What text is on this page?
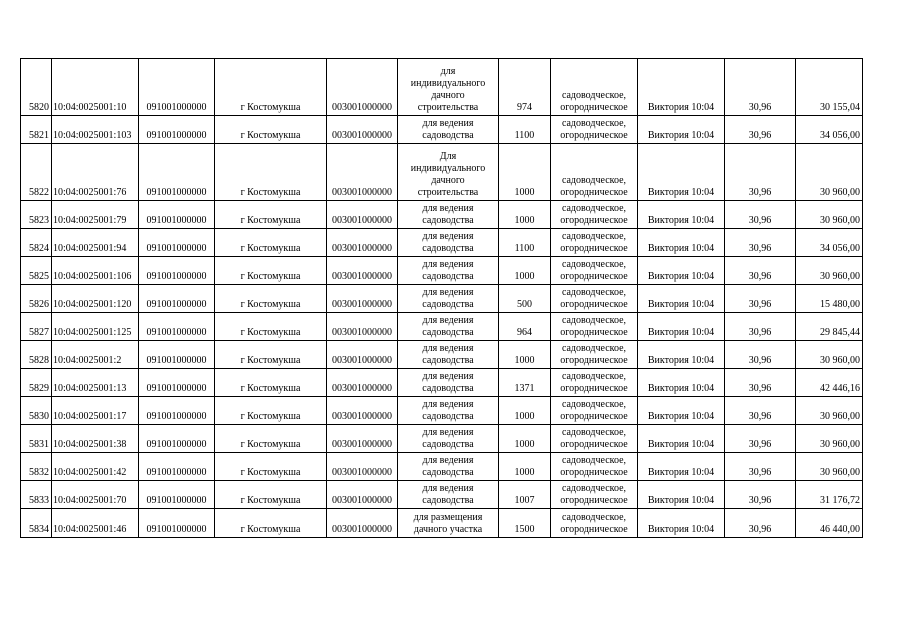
5820	10:04:0025001:10	091001000000	г Костомукша	003001000000	для
индивидуального
дачного
строительства	974	садоводческое,
огородническое	Виктория 10:04	30,96	30 155,04
5821	10:04:0025001:103	091001000000	г Костомукша	003001000000	для ведения
садоводства	1100	садоводческое,
огородническое	Виктория 10:04	30,96	34 056,00
5822	10:04:0025001:76	091001000000	г Костомукша	003001000000	Для
индивидуального
дачного
строительства	1000	садоводческое,
огородническое	Виктория 10:04	30,96	30 960,00
5823	10:04:0025001:79	091001000000	г Костомукша	003001000000	для ведения
садоводства	1000	садоводческое,
огородническое	Виктория 10:04	30,96	30 960,00
5824	10:04:0025001:94	091001000000	г Костомукша	003001000000	для ведения
садоводства	1100	садоводческое,
огородническое	Виктория 10:04	30,96	34 056,00
5825	10:04:0025001:106	091001000000	г Костомукша	003001000000	для ведения
садоводства	1000	садоводческое,
огородническое	Виктория 10:04	30,96	30 960,00
5826	10:04:0025001:120	091001000000	г Костомукша	003001000000	для ведения
садоводства	500	садоводческое,
огородническое	Виктория 10:04	30,96	15 480,00
5827	10:04:0025001:125	091001000000	г Костомукша	003001000000	для ведения
садоводства	964	садоводческое,
огородническое	Виктория 10:04	30,96	29 845,44
5828	10:04:0025001:2	091001000000	г Костомукша	003001000000	для ведения
садоводства	1000	садоводческое,
огородническое	Виктория 10:04	30,96	30 960,00
5829	10:04:0025001:13	091001000000	г Костомукша	003001000000	для ведения
садоводства	1371	садоводческое,
огородническое	Виктория 10:04	30,96	42 446,16
5830	10:04:0025001:17	091001000000	г Костомукша	003001000000	для ведения
садоводства	1000	садоводческое,
огородническое	Виктория 10:04	30,96	30 960,00
5831	10:04:0025001:38	091001000000	г Костомукша	003001000000	для ведения
садоводства	1000	садоводческое,
огородническое	Виктория 10:04	30,96	30 960,00
5832	10:04:0025001:42	091001000000	г Костомукша	003001000000	для ведения
садоводства	1000	садоводческое,
огородническое	Виктория 10:04	30,96	30 960,00
5833	10:04:0025001:70	091001000000	г Костомукша	003001000000	для ведения
садоводства	1007	садоводческое,
огородническое	Виктория 10:04	30,96	31 176,72
5834	10:04:0025001:46	091001000000	г Костомукша	003001000000	для размещения
дачного участка	1500	садоводческое,
огородническое	Виктория 10:04	30,96	46 440,00
